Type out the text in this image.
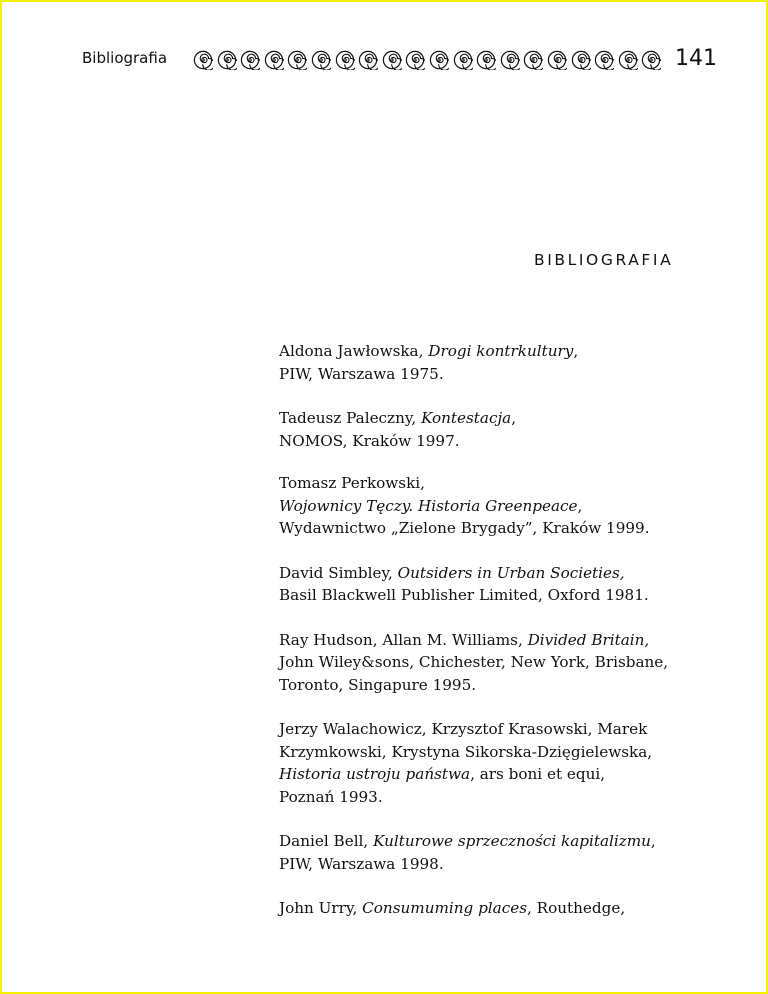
Bibliografia	141
BIBLIOGRAFIA
Aldona Jawłowska, Drogi kontrkultury,
PIW, Warszawa 1975.
Tadeusz Paleczny, Kontestacja,
NOMOS, Kraków 1997.
Tomasz Perkowski,
Wojownicy Tęczy. Historia Greenpeace,
Wydawnictwo „Zielone Brygady”, Kraków 1999.
David Simbley, Outsiders in Urban Societies,
Basil Blackwell Publisher Limited, Oxford 1981.
Ray Hudson, Allan M. Williams, Divided Britain,
John Wiley&sons, Chichester, New York, Brisbane,
Toronto, Singapure 1995.
Jerzy Walachowicz, Krzysztof Krasowski, Marek
Krzymkowski, Krystyna Sikorska-Dzięgielewska,
Historia ustroju państwa, ars boni et equi,
Poznań 1993.
Daniel Bell, Kulturowe sprzeczności kapitalizmu,
PIW, Warszawa 1998.
John Urry, Consumuming places, Routhedge,
